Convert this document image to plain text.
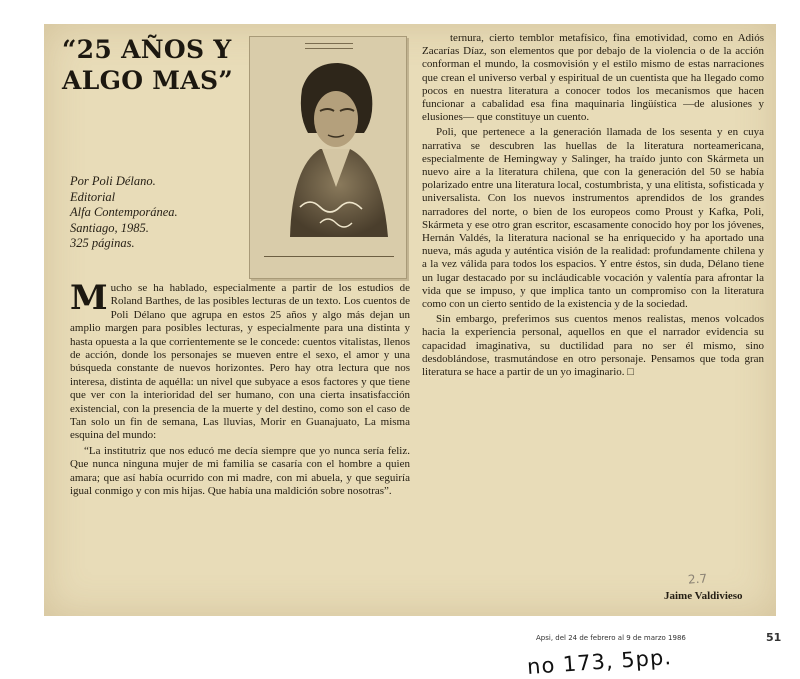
“25 AÑOS Y ALGO MAS”
Por Poli Délano.
Editorial
Alfa Contemporánea.
Santiago, 1985.
325 páginas.

Mucho se ha hablado, especialmente a partir de los estudios de Roland Barthes, de las posibles lecturas de un texto. Los cuentos de Poli Délano que agrupa en estos 25 años y algo más dejan un amplio margen para posibles lecturas, y especialmente para una distinta y hasta opuesta a la que corrientemente se le concede: cuentos vitalistas, llenos de acción, donde los personajes se mueven entre el sexo, el amor y una búsqueda constante de nuevos horizontes. Pero hay otra lectura que nos interesa, distinta de aquélla: un nivel que subyace a esos factores y que tiene que ver con la interioridad del ser humano, con una cierta insatisfacción existencial, con la presencia de la muerte y del destino, como son el caso de Tan solo un fin de semana, Las lluvias, Morir en Guanajuato, La misma esquina del mundo:

“La institutriz que nos educó me decía siempre que yo nunca sería feliz. Que nunca ninguna mujer de mi familia se casaría con el hombre a quien amara; que así había ocurrido con mi madre, con mi abuela, y que seguiría igual conmigo y con mis hijas. Que había una maldición sobre nosotras”.

ternura, cierto temblor metafísico, fina emotividad, como en Adiós Zacarías Díaz, son elementos que por debajo de la violencia o de la acción conforman el mundo, la cosmovisión y el estilo mismo de estas narraciones que crean el universo verbal y espiritual de un cuentista que ha llegado como pocos en nuestra literatura a conocer todos los mecanismos que hacen funcionar a cabalidad esa fina maquinaria lingüística —de alusiones y elusiones— que constituye un cuento.

Poli, que pertenece a la generación llamada de los sesenta y en cuya narrativa se descubren las huellas de la literatura norteamericana, especialmente de Hemingway y Salinger, ha traído junto con Skármeta un nuevo aire a la literatura chilena, que con la generación del 50 se había polarizado entre una literatura local, costumbrista, y una elitista, sofisticada y universalista. Con los nuevos instrumentos aprendidos de los grandes narradores del norte, o bien de los europeos como Proust y Kafka, Poli, Skármeta y ese otro gran escritor, escasamente conocido hoy por los jóvenes, Hernán Valdés, la literatura nacional se ha enriquecido y ha aportado una nueva, más aguda y auténtica visión de la realidad: profundamente chilena y a la vez válida para todos los espacios. Y entre éstos, sin duda, Délano tiene un lugar destacado por su incláudicable vocación y valentía para afrontar la vida que se impuso, y que implica tanto un compromiso con la literatura como con un cierto sentido de la existencia y de la sociedad.

Sin embargo, preferimos sus cuentos menos realistas, menos volcados hacia la experiencia personal, aquellos en que el narrador evidencia su capacidad imaginativa, su ductilidad para no ser él mismo, sino desdoblándose, trasmutándose en otro personaje. Pensamos que toda gran literatura se hace a partir de un yo imaginario. □

2.7
Jaime Valdivieso
Apsi, del 24 de febrero al 9 de marzo 1986	51
no 173, 5pp.
